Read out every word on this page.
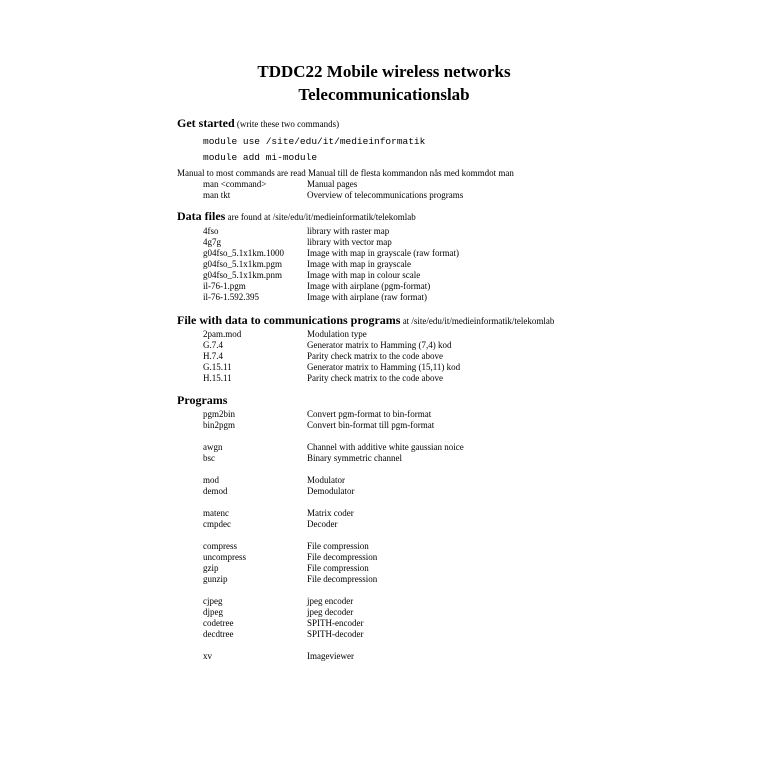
TDDC22 Mobile wireless networks
Telecommunicationslab
Get started (write these two commands)
module use /site/edu/it/medieinformatik
module add mi-module
Manual to most commands are read Manual till de flesta kommandon nås med kommdot man
man <command>	Manual pages
man tkt	Overview of telecommunications programs
Data files are found at /site/edu/it/medieinformatik/telekomlab
4fso	library with raster map
4g7g	library with vector map
g04fso_5.1x1km.1000	Image with map in grayscale (raw format)
g04fso_5.1x1km.pgm	Image with map in grayscale
g04fso_5.1x1km.pnm	Image with map in colour scale
il-76-1.pgm	Image with airplane (pgm-format)
il-76-1.592.395	Image with airplane (raw format)
File with data to communications programs at /site/edu/it/medieinformatik/telekomlab
2pam.mod	Modulation type
G.7.4	Generator matrix to Hamming (7,4) kod
H.7.4	Parity check matrix to the code above
G.15.11	Generator matrix to Hamming (15,11) kod
H.15.11	Parity check matrix to the code above
Programs
pgm2bin	Convert pgm-format to bin-format
bin2pgm	Convert bin-format till pgm-format
awgn	Channel with additive white gaussian noice
bsc	Binary symmetric channel
mod	Modulator
demod	Demodulator
matenc	Matrix coder
cmpdec	Decoder
compress	File compression
uncompress	File decompression
gzip	File compression
gunzip	File decompression
cjpeg	jpeg encoder
djpeg	jpeg decoder
codetree	SPITH-encoder
decdtree	SPITH-decoder
xv	Imageviewer
